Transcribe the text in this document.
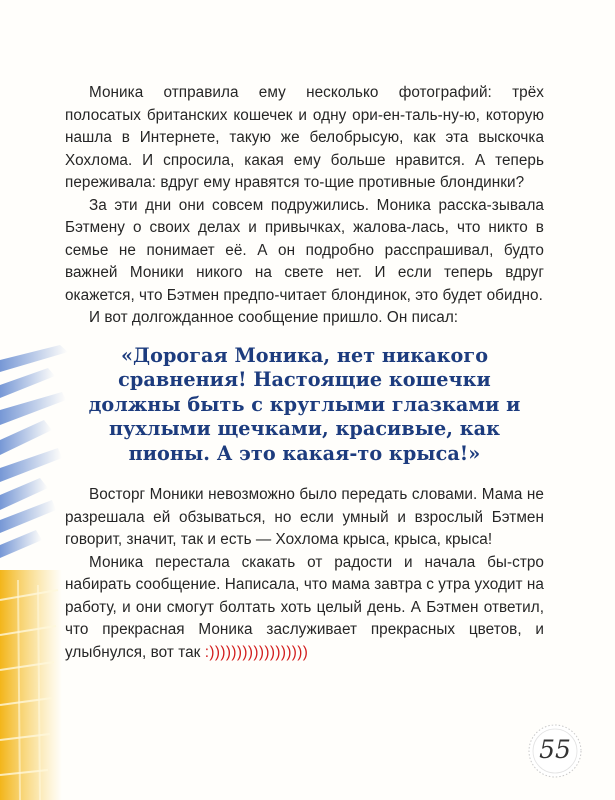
Моника отправила ему несколько фотографий: трёх полосатых британских кошечек и одну ори-ен-таль-ну-ю, которую нашла в Интернете, такую же белобрысую, как эта выскочка Хохлома. И спросила, какая ему больше нравится. А теперь переживала: вдруг ему нравятся то-щие противные блондинки?

За эти дни они совсем подружились. Моника расска-зывала Бэтмену о своих делах и привычках, жалова-лась, что никто в семье не понимает её. А он подробно расспрашивал, будто важней Моники никого на свете нет. И если теперь вдруг окажется, что Бэтмен предпо-читает блондинок, это будет обидно.

И вот долгожданное сообщение пришло. Он писал:

«Дорогая Моника, нет никакого сравнения! Настоящие кошечки должны быть с круглыми глазками и пухлыми щечками, красивые, как пионы. А это какая-то крыса!»

Восторг Моники невозможно было передать словами. Мама не разрешала ей обзываться, но если умный и взрослый Бэтмен говорит, значит, так и есть — Хохлома крыса, крыса, крыса!

Моника перестала скакать от радости и начала бы-стро набирать сообщение. Написала, что мама завтра с утра уходит на работу, и они смогут болтать хоть целый день. А Бэтмен ответил, что прекрасная Моника заслуживает прекрасных цветов, и улыбнулся, вот так :))))))))))))))))))

55
